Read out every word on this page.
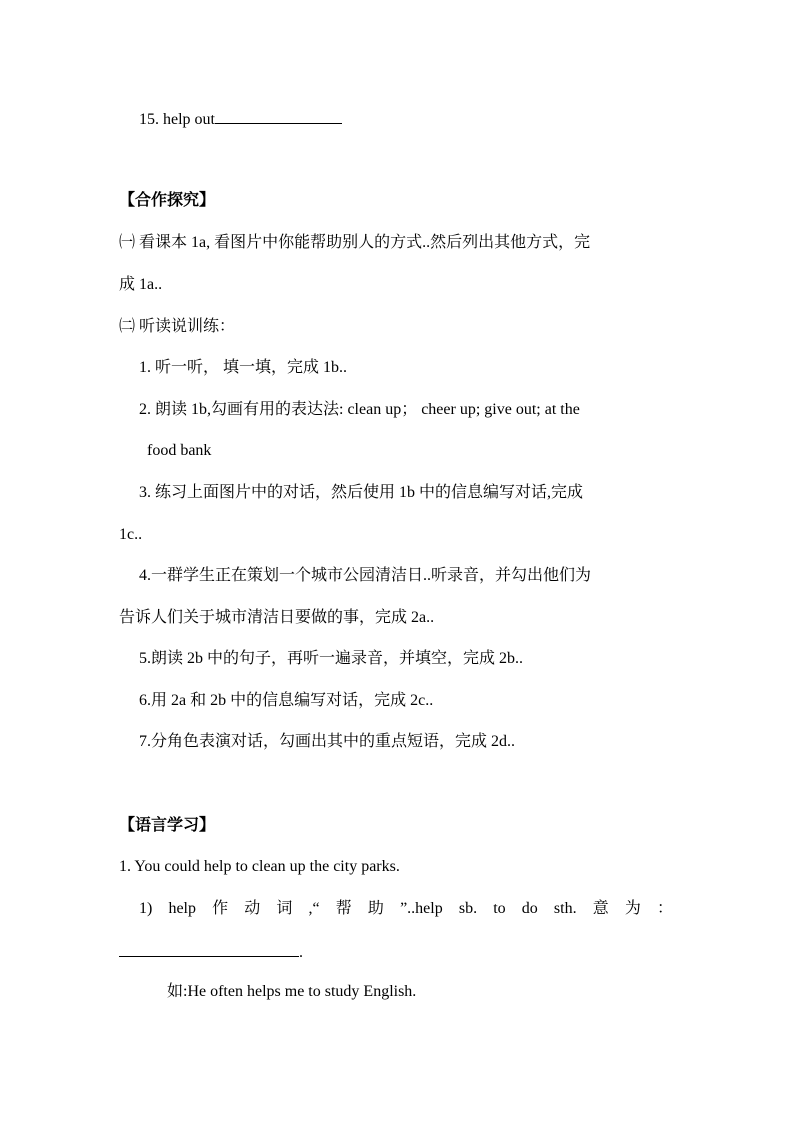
15. help out
【合作探究】
㈠ 看课本 1a, 看图片中你能帮助别人的方式..然后列出其他方式，完
成 1a..
㈡ 听读说训练：
1. 听一听， 填一填，完成 1b..
2. 朗读 1b,勾画有用的表达法: clean up； cheer up; give out; at the
food bank
3. 练习上面图片中的对话，然后使用 1b 中的信息编写对话,完成
1c..
4.一群学生正在策划一个城市公园清洁日..听录音，并勾出他们为
告诉人们关于城市清洁日要做的事，完成 2a..
5.朗读 2b 中的句子，再听一遍录音，并填空，完成 2b..
6.用 2a 和 2b 中的信息编写对话，完成 2c..
7.分角色表演对话，勾画出其中的重点短语，完成 2d..
【语言学习】
1. You could help to clean up the city parks.
1) help 作 动 词 ,“ 帮 助 ”..help sb. to do sth. 意 为 ：
.
如:He often helps me to study English.
